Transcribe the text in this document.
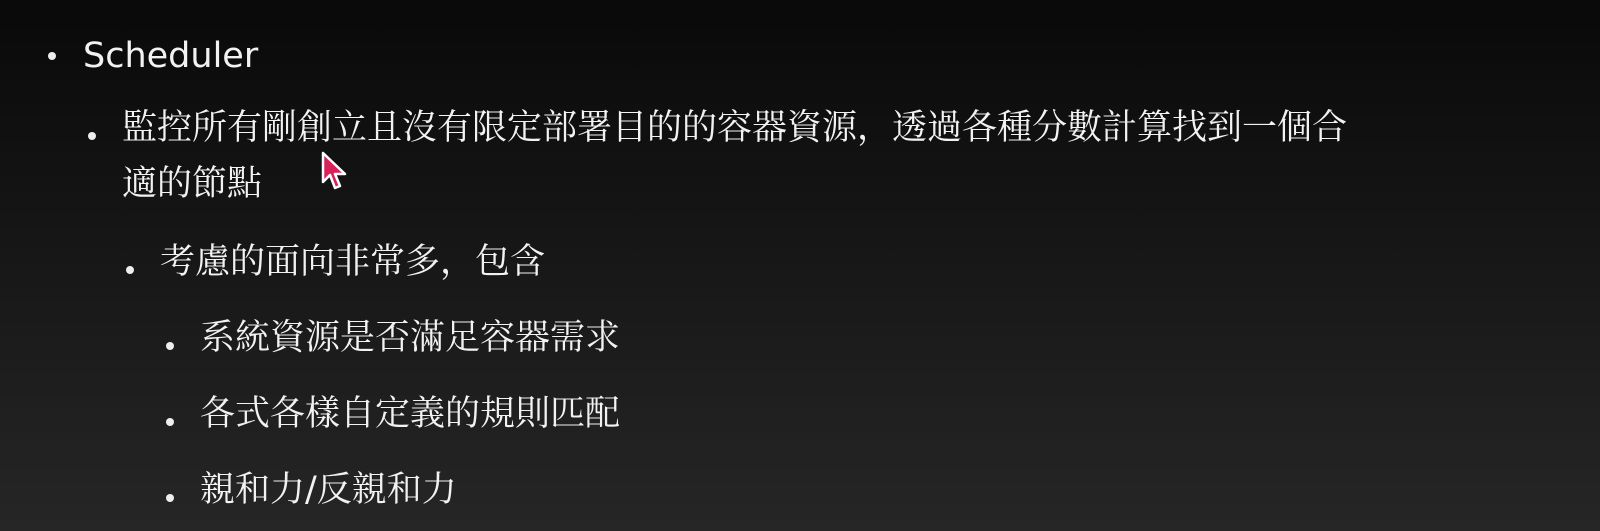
Scheduler
監控所有剛創立且沒有限定部署目的的容器資源，透過各種分數計算找到一個合
適的節點
考慮的面向非常多，包含
系統資源是否滿足容器需求
各式各樣自定義的規則匹配
親和力/反親和力
